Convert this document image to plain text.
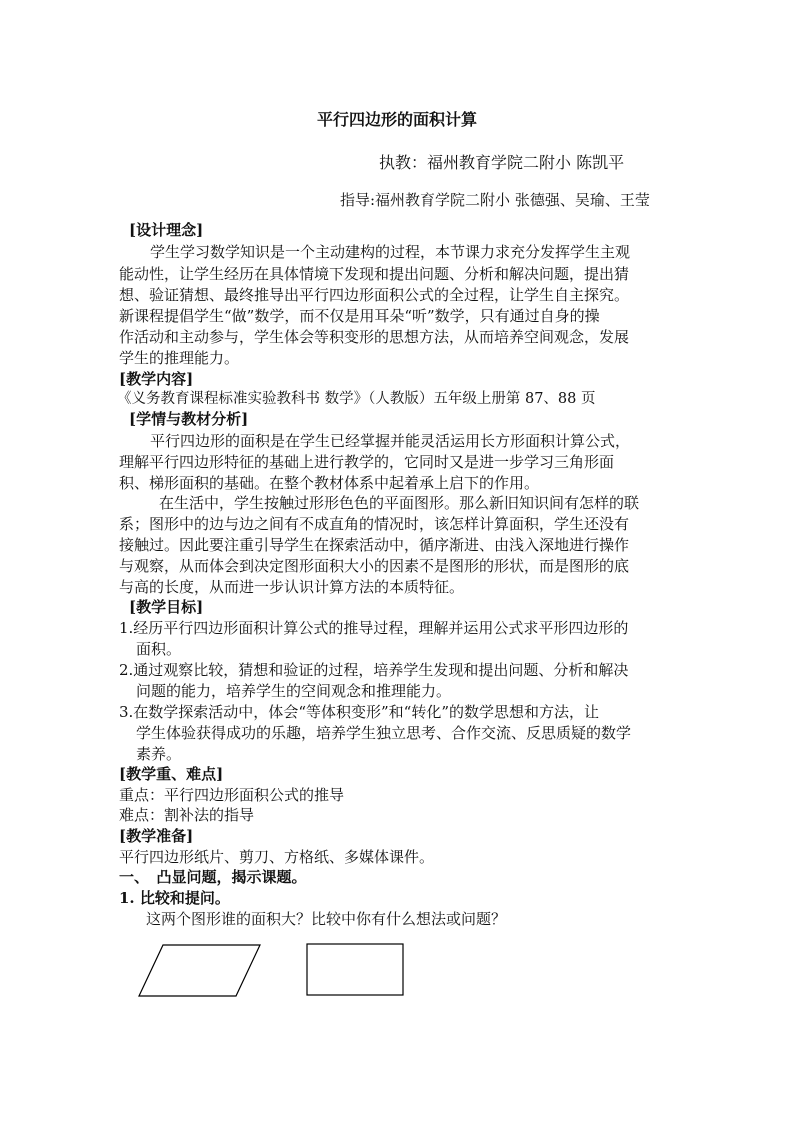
平行四边形的面积计算
执教：福州教育学院二附小 陈凯平
指导:福州教育学院二附小 张德强、吴瑜、王莹
[设计理念]
学生学习数学知识是一个主动建构的过程，本节课力求充分发挥学生主观
能动性，让学生经历在具体情境下发现和提出问题、分析和解决问题，提出猜
想、验证猜想、最终推导出平行四边形面积公式的全过程，让学生自主探究。
新课程提倡学生“做”数学，而不仅是用耳朵“听”数学，只有通过自身的操
作活动和主动参与，学生体会等积变形的思想方法，从而培养空间观念，发展
学生的推理能力。
[教学内容]
《义务教育课程标准实验教科书 数学》（人教版）五年级上册第 87、88 页
[学情与教材分析]
平行四边形的面积是在学生已经掌握并能灵活运用长方形面积计算公式，
理解平行四边形特征的基础上进行教学的，它同时又是进一步学习三角形面
积、梯形面积的基础。在整个教材体系中起着承上启下的作用。
在生活中，学生按触过形形色色的平面图形。那么新旧知识间有怎样的联
系；图形中的边与边之间有不成直角的情况时，该怎样计算面积，学生还没有
接触过。因此要注重引导学生在探索活动中，循序渐进、由浅入深地进行操作
与观察，从而体会到决定图形面积大小的因素不是图形的形状，而是图形的底
与高的长度，从而进一步认识计算方法的本质特征。
[教学目标]
1.经历平行四边形面积计算公式的推导过程，理解并运用公式求平形四边形的
面积。
2.通过观察比较，猜想和验证的过程，培养学生发现和提出问题、分析和解决
问题的能力，培养学生的空间观念和推理能力。
3.在数学探索活动中，体会“等体积变形”和“转化”的数学思想和方法，让
学生体验获得成功的乐趣，培养学生独立思考、合作交流、反思质疑的数学
素养。
[教学重、难点]
重点：平行四边形面积公式的推导
难点：割补法的指导
[教学准备]
平行四边形纸片、剪刀、方格纸、多媒体课件。
一、　凸显问题，揭示课题。
1. 比较和提问。
这两个图形谁的面积大？比较中你有什么想法或问题？
